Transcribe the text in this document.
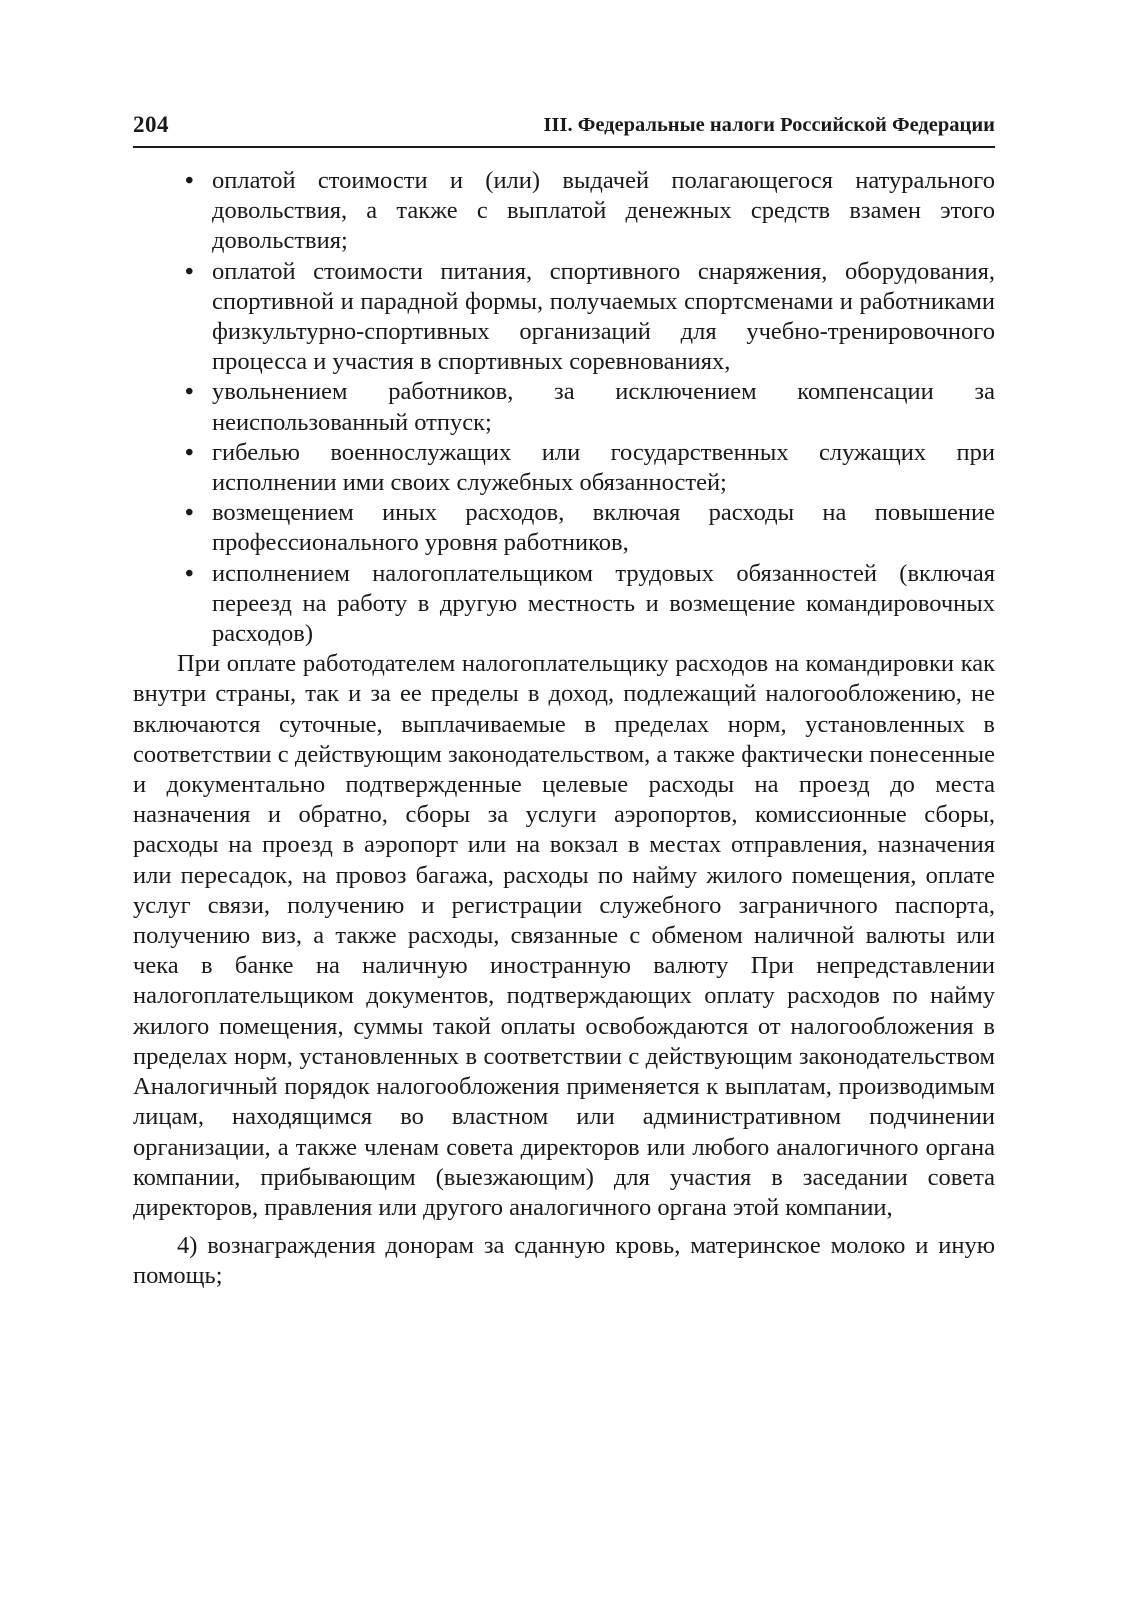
204	III. Федеральные налоги Российской Федерации
• оплатой стоимости и (или) выдачей полагающегося натурального довольствия, а также с выплатой денежных средств взамен этого довольствия;
• оплатой стоимости питания, спортивного снаряжения, оборудования, спортивной и парадной формы, получаемых спортсменами и работниками физкультурно-спортивных организаций для учебно-тренировочного процесса и участия в спортивных соревнованиях,
• увольнением работников, за исключением компенсации за неиспользованный отпуск;
• гибелью военнослужащих или государственных служащих при исполнении ими своих служебных обязанностей;
• возмещением иных расходов, включая расходы на повышение профессионального уровня работников,
• исполнением налогоплательщиком трудовых обязанностей (включая переезд на работу в другую местность и возмещение командировочных расходов)

При оплате работодателем налогоплательщику расходов на командировки как внутри страны, так и за ее пределы в доход, подлежащий налогообложению, не включаются суточные, выплачиваемые в пределах норм, установленных в соответствии с действующим законодательством, а также фактически понесенные и документально подтвержденные целевые расходы на проезд до места назначения и обратно, сборы за услуги аэропортов, комиссионные сборы, расходы на проезд в аэропорт или на вокзал в местах отправления, назначения или пересадок, на провоз багажа, расходы по найму жилого помещения, оплате услуг связи, получению и регистрации служебного заграничного паспорта, получению виз, а также расходы, связанные с обменом наличной валюты или чека в банке на наличную иностранную валюту При непредставлении налогоплательщиком документов, подтверждающих оплату расходов по найму жилого помещения, суммы такой оплаты освобождаются от налогообложения в пределах норм, установленных в соответствии с действующим законодательством Аналогичный порядок налогообложения применяется к выплатам, производимым лицам, находящимся во властном или административном подчинении организации, а также членам совета директоров или любого аналогичного органа компании, прибывающим (выезжающим) для участия в заседании совета директоров, правления или другого аналогичного органа этой компании,

4) вознаграждения донорам за сданную кровь, материнское молоко и иную помощь;
